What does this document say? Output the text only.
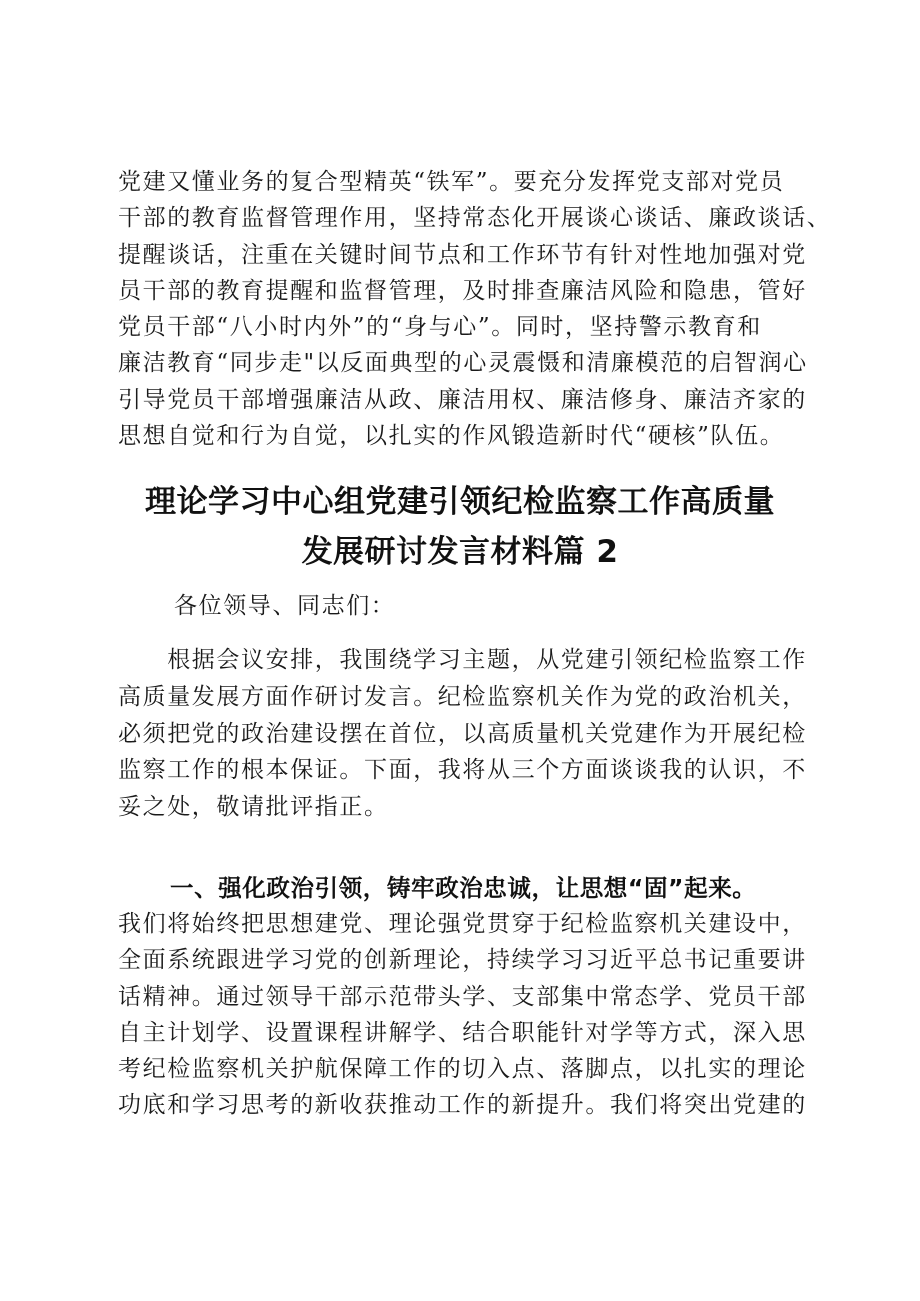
党建又懂业务的复合型精英“铁军”。要充分发挥党支部对党员
干部的教育监督管理作用，坚持常态化开展谈心谈话、廉政谈话、
提醒谈话，注重在关键时间节点和工作环节有针对性地加强对党
员干部的教育提醒和监督管理，及时排查廉洁风险和隐患，管好
党员干部“八小时内外”的“身与心”。同时，坚持警示教育和
廉洁教育“同步走"以反面典型的心灵震慑和清廉模范的启智润心
引导党员干部增强廉洁从政、廉洁用权、廉洁修身、廉洁齐家的
思想自觉和行为自觉，以扎实的作风锻造新时代“硬核”队伍。
理论学习中心组党建引领纪检监察工作高质量
发展研讨发言材料篇 2
各位领导、同志们：
　　根据会议安排，我围绕学习主题，从党建引领纪检监察工作
高质量发展方面作研讨发言。纪检监察机关作为党的政治机关，
必须把党的政治建设摆在首位，以高质量机关党建作为开展纪检
监察工作的根本保证。下面，我将从三个方面谈谈我的认识，不
妥之处，敬请批评指正。
一、强化政治引领，铸牢政治忠诚，让思想“固”起来。
我们将始终把思想建党、理论强党贯穿于纪检监察机关建设中，
全面系统跟进学习党的创新理论，持续学习习近平总书记重要讲
话精神。通过领导干部示范带头学、支部集中常态学、党员干部
自主计划学、设置课程讲解学、结合职能针对学等方式，深入思
考纪检监察机关护航保障工作的切入点、落脚点，以扎实的理论
功底和学习思考的新收获推动工作的新提升。我们将突出党建的
